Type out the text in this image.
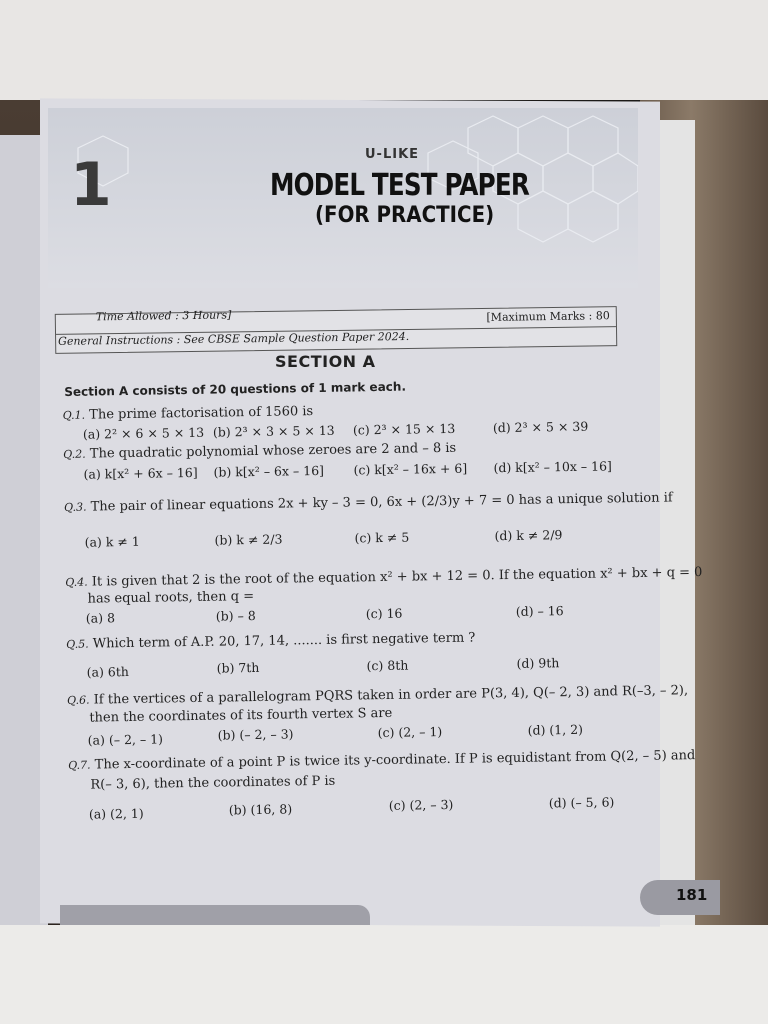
1	U-LIKE
MODEL TEST PAPER
(FOR PRACTICE)
Time Allowed : 3 Hours]	[Maximum Marks : 80
General Instructions : See CBSE Sample Question Paper 2024.
SECTION A
Section A consists of 20 questions of 1 mark each.
Q.1. The prime factorisation of 1560 is
(a) 2² × 6 × 5 × 13 (b) 2³ × 3 × 5 × 13 (c) 2³ × 15 × 13	(d) 2³ × 5 × 39
Q.2. The quadratic polynomial whose zeroes are 2 and – 8 is
(a) k[x² + 6x – 16] (b) k[x² – 6x – 16] (c) k[x² – 16x + 6] (d) k[x² – 10x – 16]
Q.3. The pair of linear equations 2x + ky – 3 = 0, 6x + (2/3)y + 7 = 0 has a unique solution if
(a) k ≠ 1	(b) k ≠ 2/3	(c) k ≠ 5	(d) k ≠ 2/9
Q.4. It is given that 2 is the root of the equation x² + bx + 12 = 0. If the equation x² + bx + q = 0
has equal roots, then q =
(a) 8	(b) – 8	(c) 16	(d) – 16
Q.5. Which term of A.P. 20, 17, 14, ....... is first negative term ?
(a) 6th	(b) 7th	(c) 8th	(d) 9th
Q.6. If the vertices of a parallelogram PQRS taken in order are P(3, 4), Q(– 2, 3) and R(–3, – 2),
then the coordinates of its fourth vertex S are
(a) (– 2, – 1)	(b) (– 2, – 3)	(c) (2, – 1)	(d) (1, 2)
Q.7. The x-coordinate of a point P is twice its y-coordinate. If P is equidistant from Q(2, – 5) and
R(– 3, 6), then the coordinates of P is
(a) (2, 1)	(b) (16, 8)	(c) (2, – 3)	(d) (– 5, 6)
181
